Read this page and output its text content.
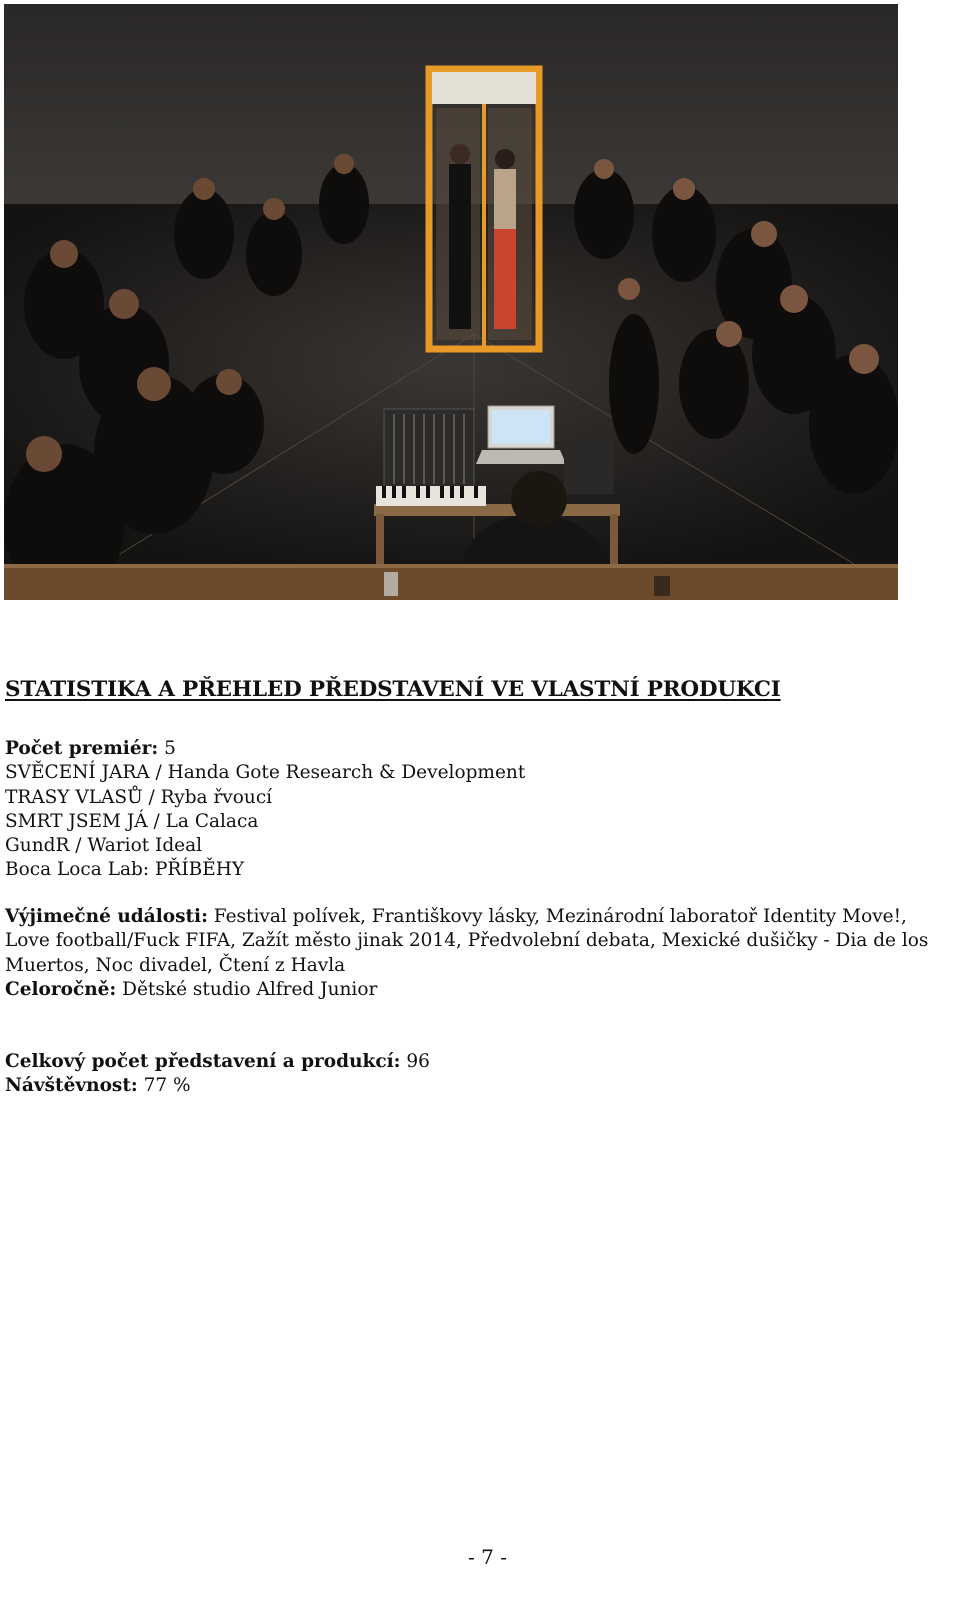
STATISTIKA A PŘEHLED PŘEDSTAVENÍ VE VLASTNÍ PRODUKCI

Počet premiér: 5

SVĚCENÍ JARA / Handa Gote Research & Development

TRASY VLASŮ / Ryba řvoucí

SMRT JSEM JÁ / La Calaca

GundR / Wariot Ideal

Boca Loca Lab: PŘÍBĚHY

Výjimečné události: Festival polívek, Františkovy lásky, Mezinárodní laboratoř Identity Move!, Love football/Fuck FIFA, Zažít město jinak 2014, Předvolební debata, Mexické dušičky - Dia de los Muertos, Noc divadel, Čtení z Havla

Celoročně: Dětské studio Alfred Junior

Celkový počet představení a produkcí: 96

Návštěvnost: 77 %

- 7 -
